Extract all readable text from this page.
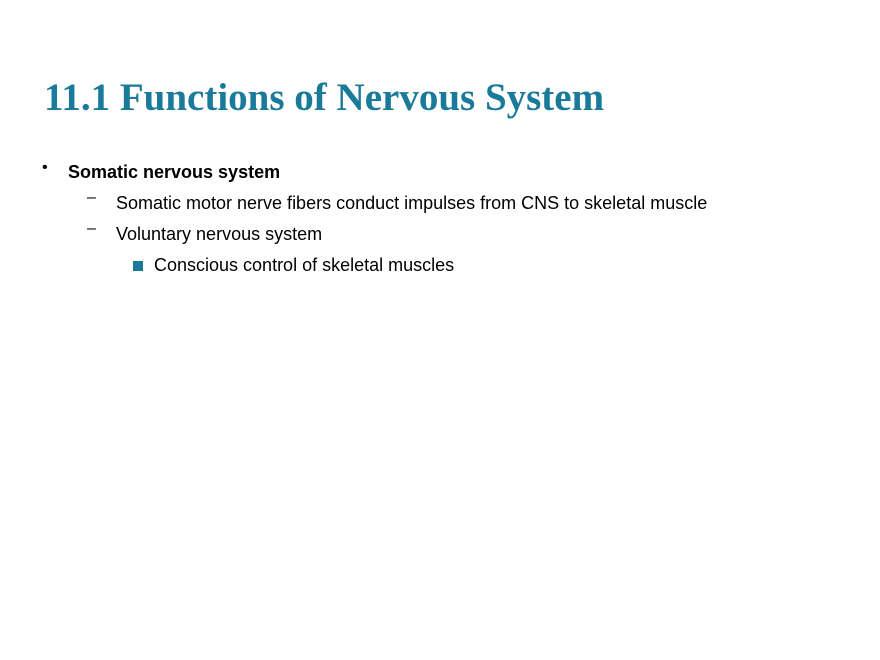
11.1 Functions of Nervous System
• Somatic nervous system
– Somatic motor nerve fibers conduct impulses from CNS to skeletal muscle
– Voluntary nervous system
Conscious control of skeletal muscles
